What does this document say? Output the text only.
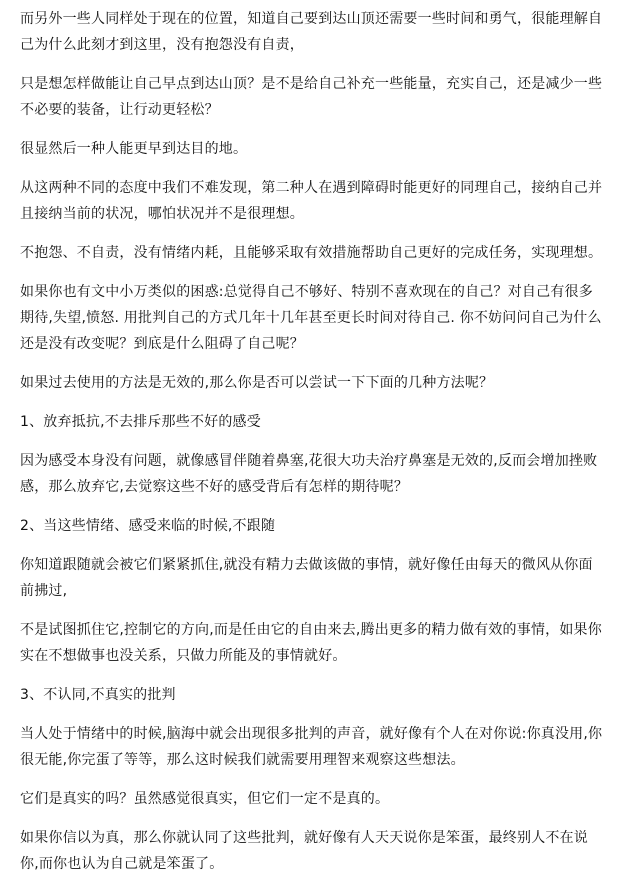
而另外一些人同样处于现在的位置，知道自己要到达山顶还需要一些时间和勇气，很能理解自己为什么此刻才到这里，没有抱怨没有自责，

只是想怎样做能让自己早点到达山顶？是不是给自己补充一些能量，充实自己，还是减少一些不必要的装备，让行动更轻松？

很显然后一种人能更早到达目的地。

从这两种不同的态度中我们不难发现，第二种人在遇到障碍时能更好的同理自己，接纳自己并且接纳当前的状况，哪怕状况并不是很理想。

不抱怨、不自责，没有情绪内耗，且能够采取有效措施帮助自己更好的完成任务，实现理想。

如果你也有文中小万类似的困惑:总觉得自己不够好、特别不喜欢现在的自己？对自己有很多期待,失望,愤怒. 用批判自己的方式几年十几年甚至更长时间对待自己. 你不妨问问自己为什么还是没有改变呢？到底是什么阻碍了自己呢？

如果过去使用的方法是无效的,那么你是否可以尝试一下下面的几种方法呢？

1、放弃抵抗,不去排斥那些不好的感受

因为感受本身没有问题，就像感冒伴随着鼻塞,花很大功夫治疗鼻塞是无效的,反而会增加挫败感，那么放弃它,去觉察这些不好的感受背后有怎样的期待呢？

2、当这些情绪、感受来临的时候,不跟随

你知道跟随就会被它们紧紧抓住,就没有精力去做该做的事情，就好像任由每天的微风从你面前拂过,

不是试图抓住它,控制它的方向,而是任由它的自由来去,腾出更多的精力做有效的事情，如果你实在不想做事也没关系，只做力所能及的事情就好。

3、不认同,不真实的批判

当人处于情绪中的时候,脑海中就会出现很多批判的声音，就好像有个人在对你说:你真没用,你很无能,你完蛋了等等，那么这时候我们就需要用理智来观察这些想法。

它们是真实的吗？虽然感觉很真实，但它们一定不是真的。

如果你信以为真，那么你就认同了这些批判，就好像有人天天说你是笨蛋，最终别人不在说你,而你也认为自己就是笨蛋了。
